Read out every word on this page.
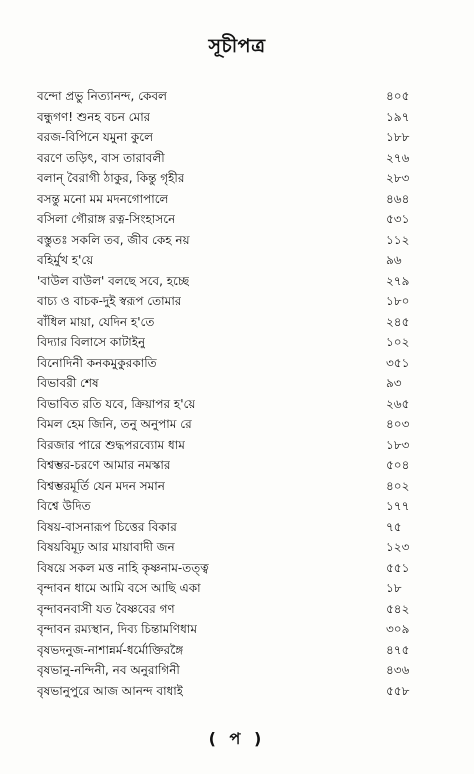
সূচীপত্র
বন্দো প্রভু নিত্যানন্দ, কেবল	৪০৫
বন্ধুগণ! শুনহ বচন মোর	১৯৭
বরজ-বিপিনে যমুনা কুলে	১৮৮
বরণে তড়িৎ, বাস তারাবলী	২৭৬
বলান্ বৈরাগী ঠাকুর, কিন্তু গৃহীর	২৮৩
বসন্তু মনো মম মদনগোপালে	৪৬৪
বসিলা গৌরাঙ্গ রত্ন-সিংহাসনে	৫৩১
বস্তুতঃ সকলি তব, জীব কেহ নয়	১১২
বহির্মুখ হ'য়ে	৯৬
'বাউল বাউল' বলছে সবে, হচ্ছে	২৭৯
বাচ্য ও বাচক-দুই স্বরূপ তোমার	১৮০
বাঁধিল মায়া, যেদিন হ'তে	২৪৫
বিদ্যার বিলাসে কাটাইনু	১০২
বিনোদিনী কনকমুকুরকাতি	৩৫১
বিভাবরী শেষ	৯৩
বিভাবিত রতি যবে, ক্রিয়াপর হ'য়ে	২৬৫
বিমল হেম জিনি, তনু অনুপাম রে	৪০৩
বিরজার পারে শুদ্ধপরব্যোম ধাম	১৮৩
বিশ্বম্ভর-চরণে আমার নমস্কার	৫০৪
বিশ্বম্ভরমূর্তি যেন মদন সমান	৪০২
বিশ্বে উদিত	১৭৭
বিষয়-বাসনারূপ চিত্তের বিকার	৭৫
বিষয়বিমূঢ় আর মায়াবাদী জন	১২৩
বিষয়ে সকল মত্ত নাহি কৃষ্ণনাম-তত্ত্ব	৫৫১
বৃন্দাবন ধামে আমি বসে আছি একা	১৮
বৃন্দাবনবাসী যত বৈষ্ণবের গণ	৫৪২
বৃন্দাবন রম্যস্থান, দিব্য চিন্তামণিধাম	৩০৯
বৃষভদনুজ-নাশান্নর্ম-ধর্মোক্তিরঙ্গৈ	৪৭৫
বৃষভানু-নন্দিনী, নব অনুরাগিনী	৪৩৬
বৃষভানুপুরে আজ আনন্দ বাধাই	৫৫৮
( প )
